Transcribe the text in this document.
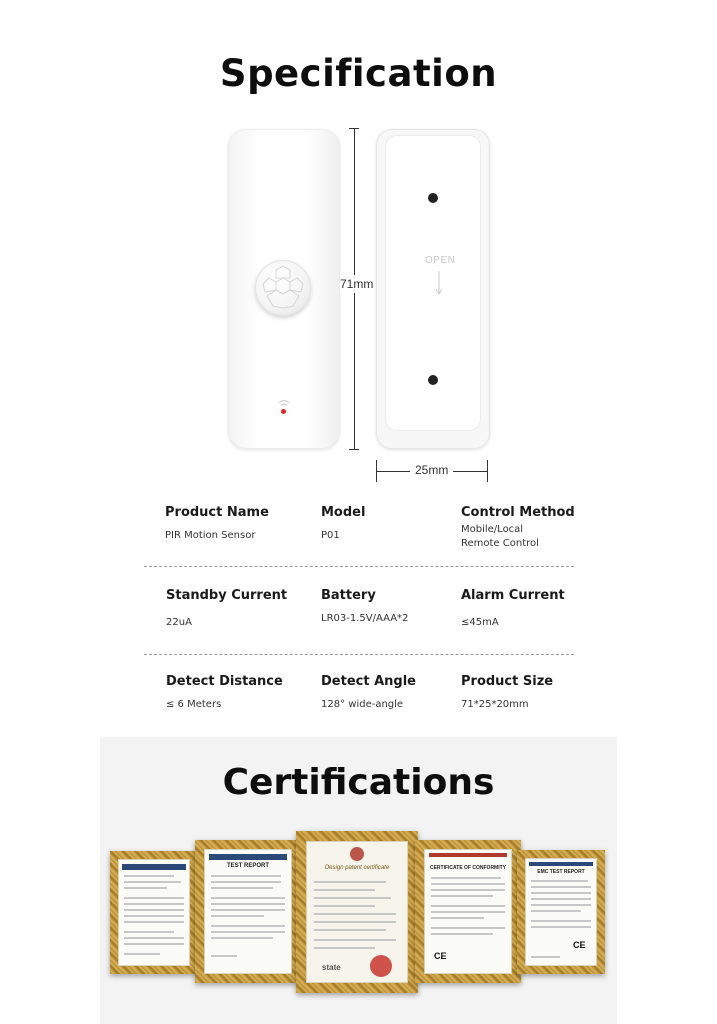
Specification
71mm
OPEN
25mm
Product Name
PIR Motion Sensor
Model
P01
Control Method
Mobile/Local
Remote Control
Standby Current
22uA
Battery
LR03-1.5V/AAA*2
Alarm Current
≤45mA
Detect Distance
≤ 6 Meters
Detect Angle
128° wide-angle
Product Size
71*25*20mm
Certifications
TEST REPORT	Design patent certificate
state
CERTIFICATE OF CONFORMITY
CE
EMC TEST REPORT
CE
